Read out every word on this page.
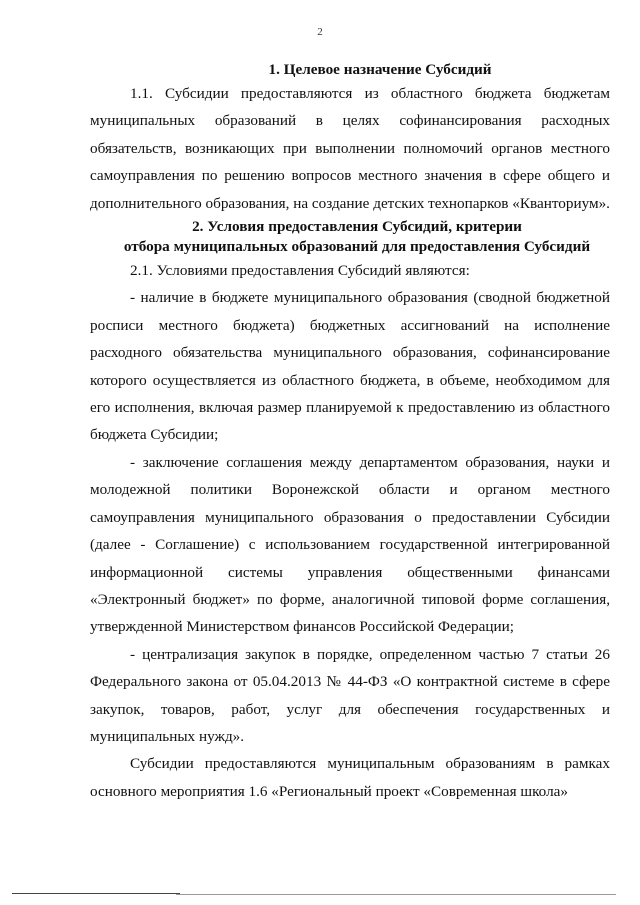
2

1. Целевое назначение Субсидий

1.1. Субсидии предоставляются из областного бюджета бюджетам муниципальных образований в целях софинансирования расходных обязательств, возникающих при выполнении полномочий органов местного самоуправления по решению вопросов местного значения в сфере общего и дополнительного образования, на создание детских технопарков «Кванториум».

2. Условия предоставления Субсидий, критерии
отбора муниципальных образований для предоставления Субсидий

2.1. Условиями предоставления Субсидий являются:

- наличие в бюджете муниципального образования (сводной бюджетной росписи местного бюджета) бюджетных ассигнований на исполнение расходного обязательства муниципального образования, софинансирование которого осуществляется из областного бюджета, в объеме, необходимом для его исполнения, включая размер планируемой к предоставлению из областного бюджета Субсидии;

- заключение соглашения между департаментом образования, науки и молодежной политики Воронежской области и органом местного самоуправления муниципального образования о предоставлении Субсидии (далее - Соглашение) с использованием государственной интегрированной информационной системы управления общественными финансами «Электронный бюджет» по форме, аналогичной типовой форме соглашения, утвержденной Министерством финансов Российской Федерации;

- централизация закупок в порядке, определенном частью 7 статьи 26 Федерального закона от 05.04.2013 № 44-ФЗ «О контрактной системе в сфере закупок, товаров, работ, услуг для обеспечения государственных и муниципальных нужд».

Субсидии предоставляются муниципальным образованиям в рамках основного мероприятия 1.6 «Региональный проект «Современная школа»
